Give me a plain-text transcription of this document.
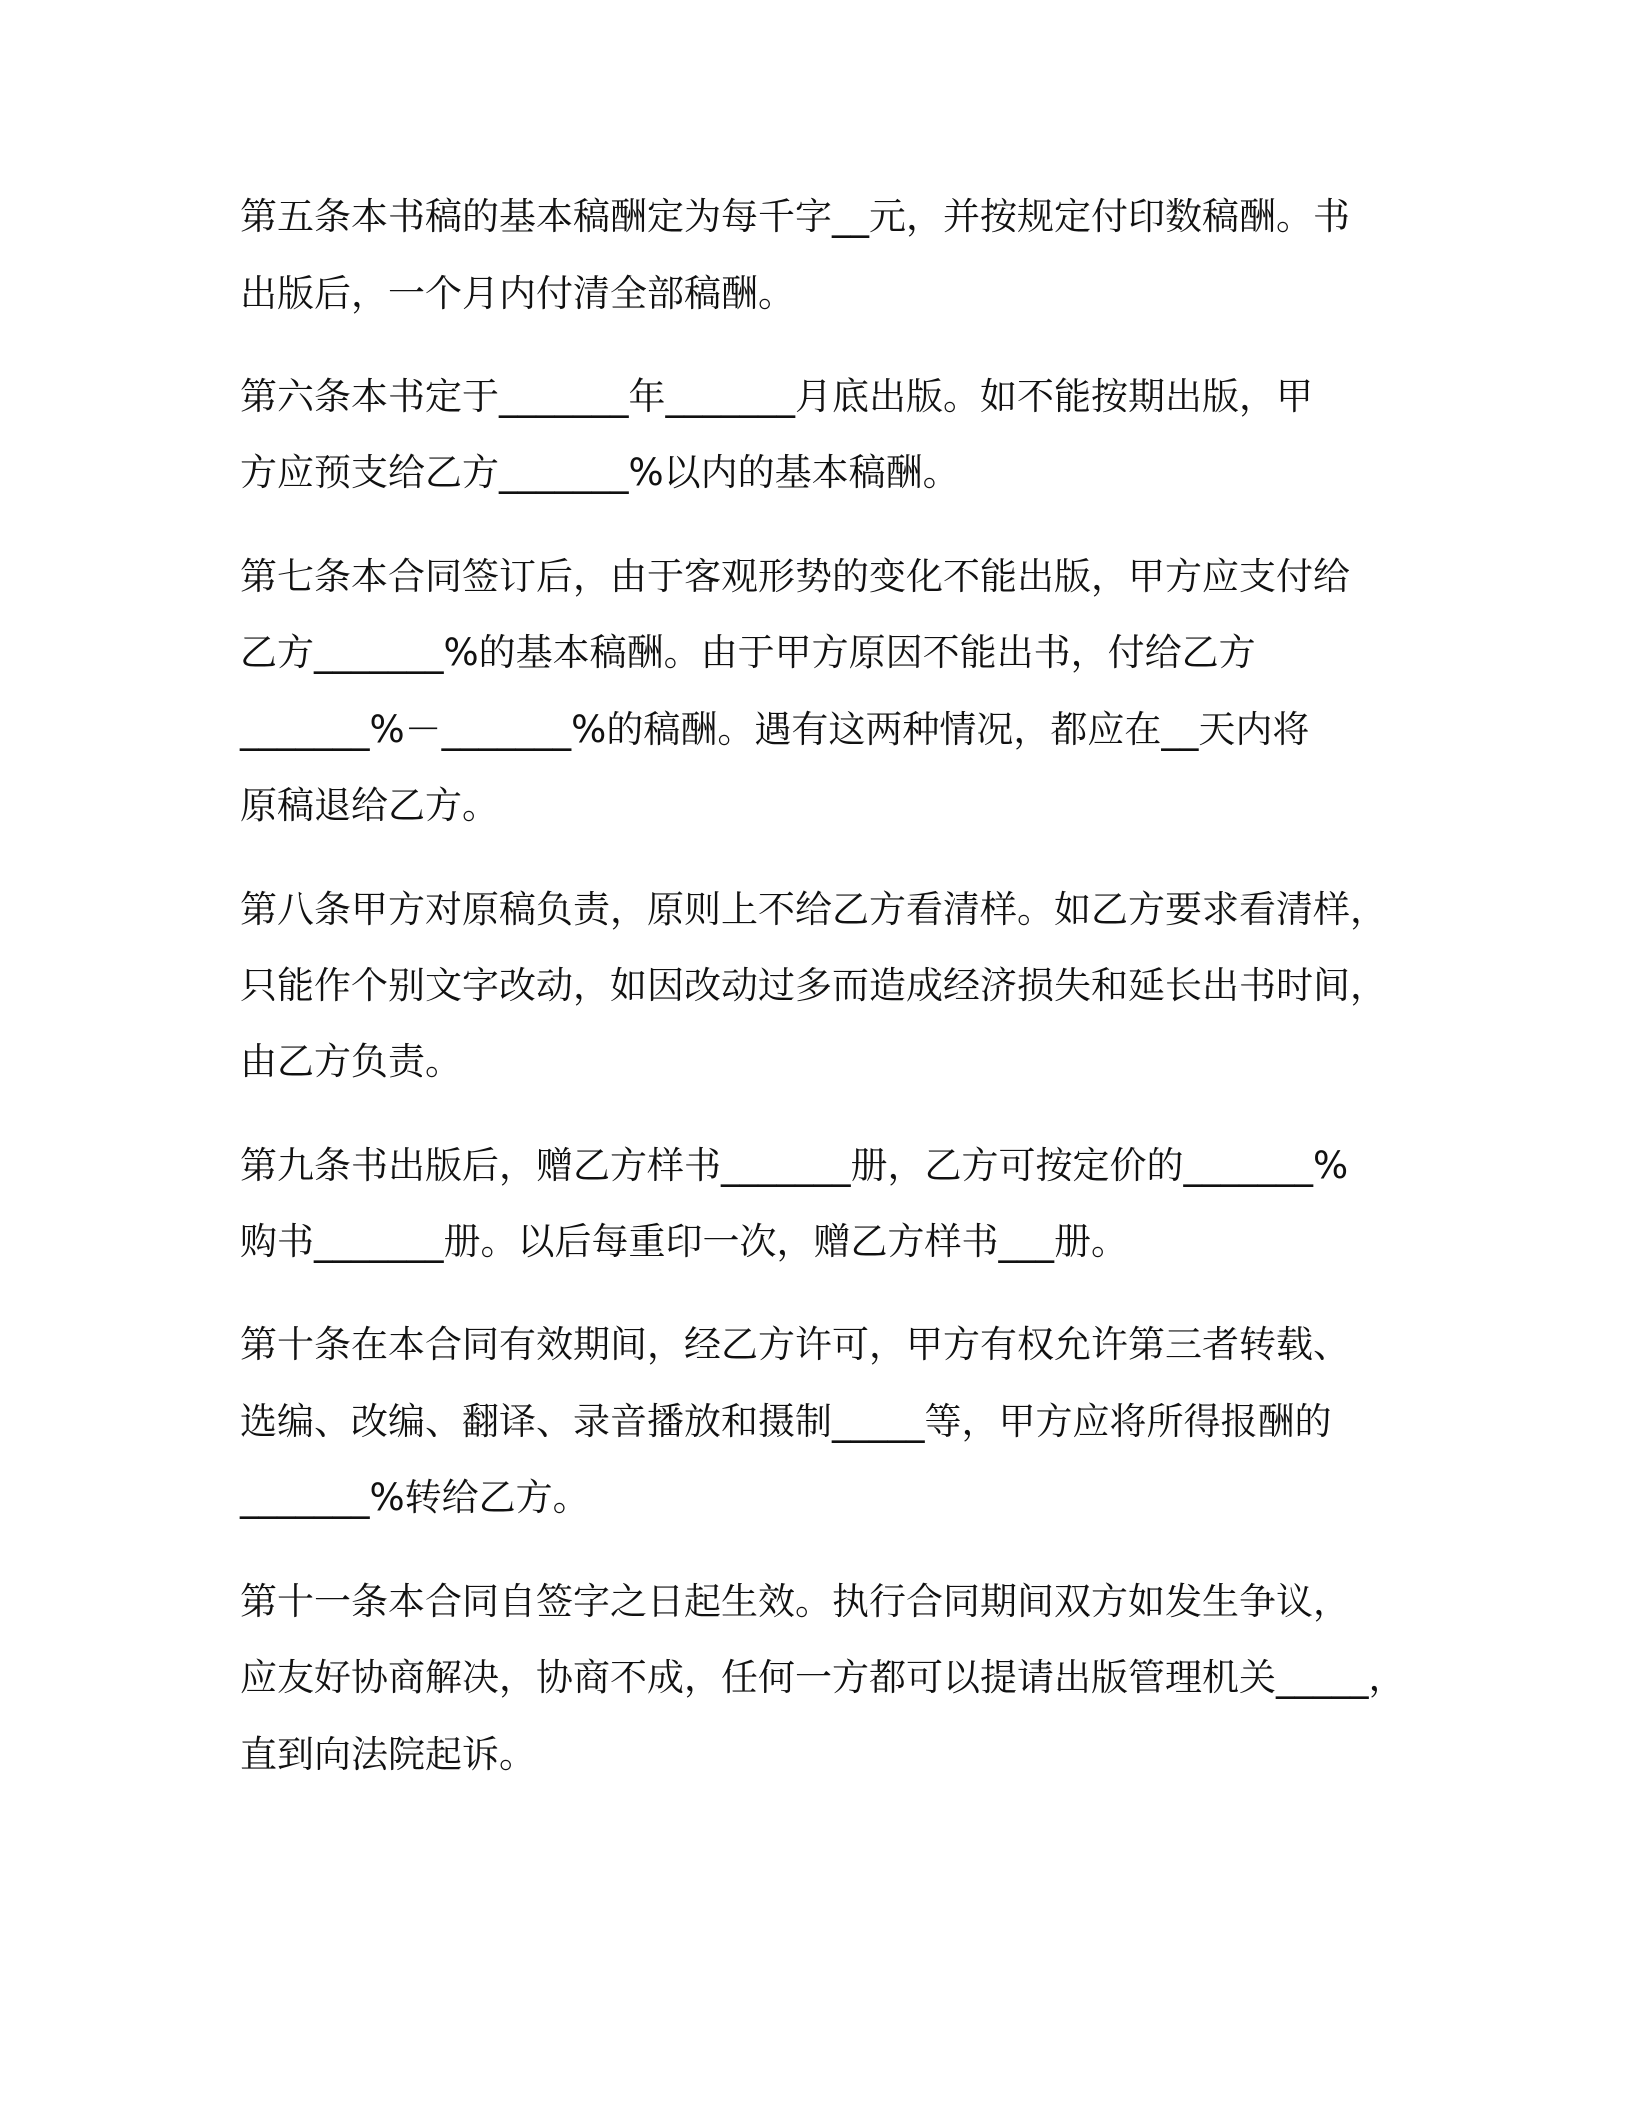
第五条本书稿的基本稿酬定为每千字__元，并按规定付印数稿酬。书
出版后，一个月内付清全部稿酬。
第六条本书定于_______年_______月底出版。如不能按期出版，甲
方应预支给乙方_______%以内的基本稿酬。
第七条本合同签订后，由于客观形势的变化不能出版，甲方应支付给
乙方_______%的基本稿酬。由于甲方原因不能出书，付给乙方
_______%－_______%的稿酬。遇有这两种情况，都应在__天内将
原稿退给乙方。
第八条甲方对原稿负责，原则上不给乙方看清样。如乙方要求看清样，
只能作个别文字改动，如因改动过多而造成经济损失和延长出书时间，
由乙方负责。
第九条书出版后，赠乙方样书_______册，乙方可按定价的_______%
购书_______册。以后每重印一次，赠乙方样书___册。
第十条在本合同有效期间，经乙方许可，甲方有权允许第三者转载、
选编、改编、翻译、录音播放和摄制_____等，甲方应将所得报酬的
_______%转给乙方。
第十一条本合同自签字之日起生效。执行合同期间双方如发生争议，
应友好协商解决，协商不成，任何一方都可以提请出版管理机关_____，
直到向法院起诉。
